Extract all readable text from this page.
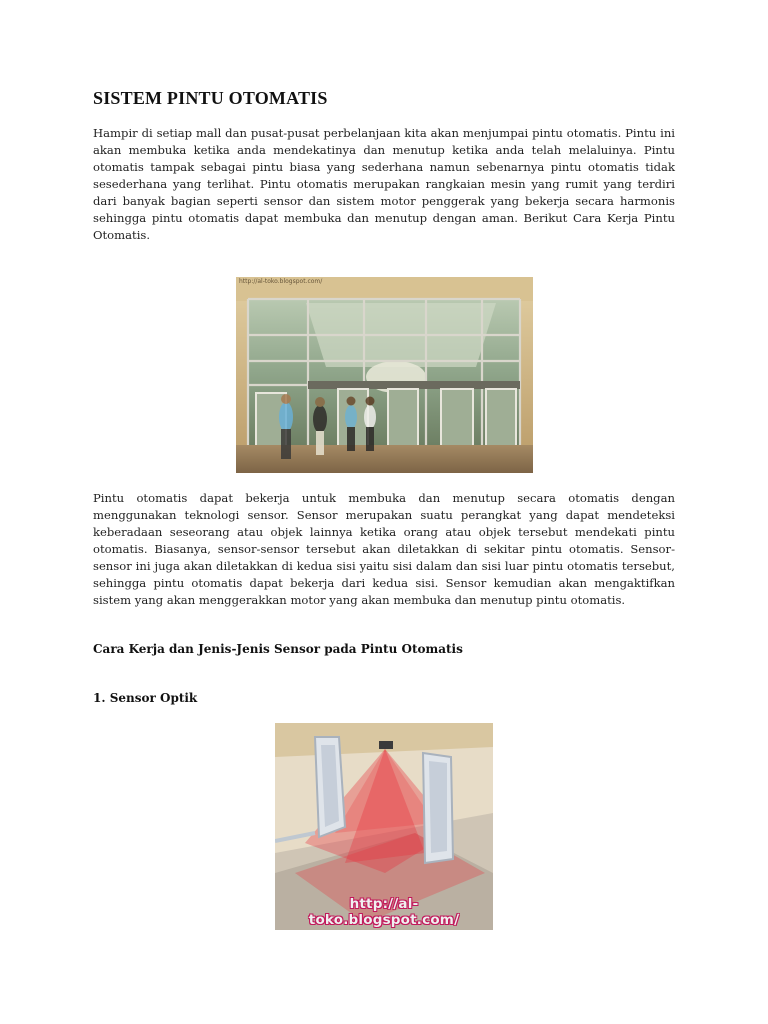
SISTEM PINTU OTOMATIS

Hampir di setiap mall dan pusat-pusat perbelanjaan kita akan menjumpai pintu otomatis. Pintu ini akan membuka ketika anda mendekatinya dan menutup ketika anda telah melaluinya. Pintu otomatis tampak sebagai pintu biasa yang sederhana namun sebenarnya pintu otomatis tidak sesederhana yang terlihat. Pintu otomatis merupakan rangkaian mesin yang rumit yang terdiri dari banyak bagian seperti sensor dan sistem motor penggerak yang bekerja secara harmonis sehingga pintu otomatis dapat membuka dan menutup dengan aman. Berikut Cara Kerja Pintu Otomatis.

Pintu otomatis dapat bekerja untuk membuka dan menutup secara otomatis dengan menggunakan teknologi sensor. Sensor merupakan suatu perangkat yang dapat mendeteksi keberadaan seseorang atau objek lainnya ketika orang atau objek tersebut mendekati pintu otomatis. Biasanya, sensor-sensor tersebut akan diletakkan di sekitar pintu otomatis. Sensor-sensor ini juga akan diletakkan di kedua sisi yaitu sisi dalam dan sisi luar pintu otomatis tersebut, sehingga pintu otomatis dapat bekerja dari kedua sisi. Sensor kemudian akan mengaktifkan sistem yang akan menggerakkan motor yang akan membuka dan menutup pintu otomatis.

Cara Kerja dan Jenis-Jenis Sensor pada Pintu Otomatis

1. Sensor Optik

http://al-toko.blogspot.com/
http://al-toko.blogspot.com/
